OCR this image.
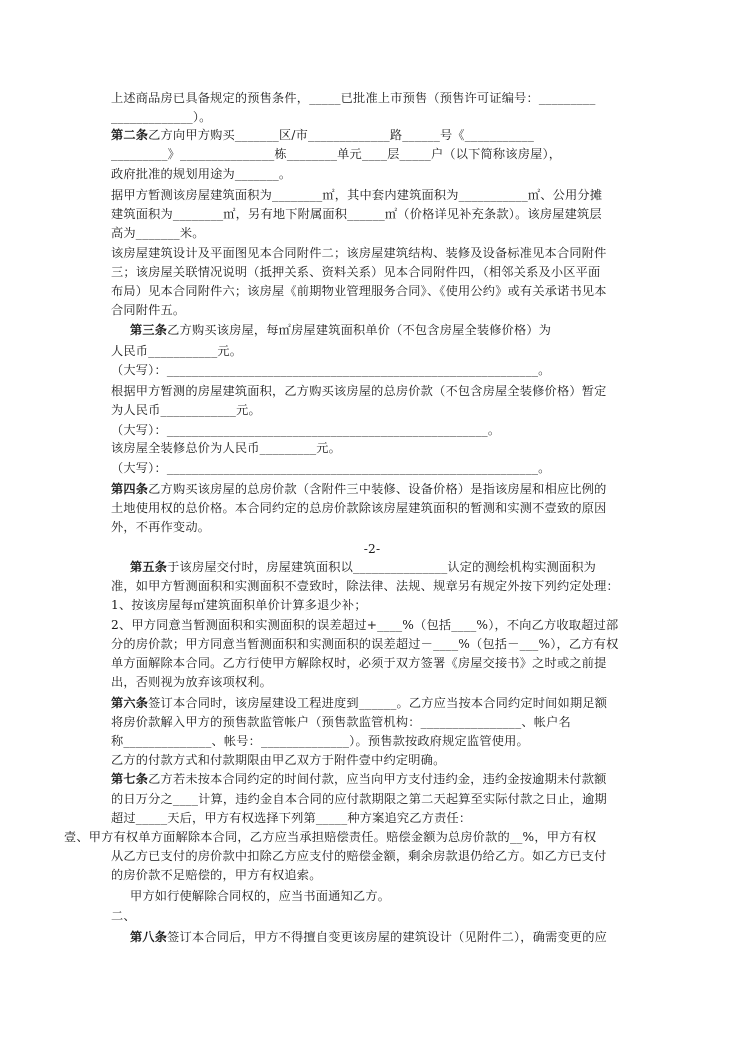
上述商品房已具备规定的预售条件，_____已批准上市预售（预售许可证编号：_________
_____________）。
第二条乙方向甲方购买_______区/市_____________路______号《___________
_________》_______________栋________单元____层_____户（以下简称该房屋），
政府批准的规划用途为_______。
据甲方暂测该房屋建筑面积为________㎡，其中套内建筑面积为___________㎡、公用分摊
建筑面积为________㎡，另有地下附属面积______㎡（价格详见补充条款）。该房屋建筑层
高为_______米。
该房屋建筑设计及平面图见本合同附件二；该房屋建筑结构、装修及设备标准见本合同附件
三；该房屋关联情况说明（抵押关系、资料关系）见本合同附件四，（相邻关系及小区平面
布局）见本合同附件六；该房屋《前期物业管理服务合同》、《使用公约》或有关承诺书见本
合同附件五。
第三条乙方购买该房屋，每㎡房屋建筑面积单价（不包含房屋全装修价格）为
人民币___________元。
（大写）：___________________________________________________________。
根据甲方暂测的房屋建筑面积，乙方购买该房屋的总房价款（不包含房屋全装修价格）暂定
为人民币____________元。
（大写）：___________________________________________________。
该房屋全装修总价为人民币_________元。
（大写）：___________________________________________________________。
第四条乙方购买该房屋的总房价款（含附件三中装修、设备价格）是指该房屋和相应比例的
土地使用权的总价格。本合同约定的总房价款除该房屋建筑面积的暂测和实测不壹致的原因
外，不再作变动。
-2-
第五条于该房屋交付时，房屋建筑面积以_______________认定的测绘机构实测面积为
准，如甲方暂测面积和实测面积不壹致时，除法律、法规、规章另有规定外按下列约定处理：
1、按该房屋每㎡建筑面积单价计算多退少补；
2、甲方同意当暂测面积和实测面积的误差超过+____%（包括____%），不向乙方收取超过部
分的房价款；甲方同意当暂测面积和实测面积的误差超过－____%（包括－___%），乙方有权
单方面解除本合同。乙方行使甲方解除权时，必须于双方签署《房屋交接书》之时或之前提
出，否则视为放弃该项权利。
第六条签订本合同时，该房屋建设工程进度到______。乙方应当按本合同约定时间如期足额
将房价款解入甲方的预售款监管帐户（预售款监管机构：________________、帐户名
称______________、帐号：______________）。预售款按政府规定监管使用。
乙方的付款方式和付款期限由甲乙双方于附件壹中约定明确。
第七条乙方若未按本合同约定的时间付款，应当向甲方支付违约金，违约金按逾期未付款额
的日万分之____计算，违约金自本合同的应付款期限之第二天起算至实际付款之日止，逾期
超过_____天后，甲方有权选择下列第_____种方案追究乙方责任：
壹、甲方有权单方面解除本合同，乙方应当承担赔偿责任。赔偿金额为总房价款的__%，甲方有权
从乙方已支付的房价款中扣除乙方应支付的赔偿金额，剩余房款退仍给乙方。如乙方已支付
的房价款不足赔偿的，甲方有权追索。
甲方如行使解除合同权的，应当书面通知乙方。
二、
第八条签订本合同后，甲方不得擅自变更该房屋的建筑设计（见附件二），确需变更的应
